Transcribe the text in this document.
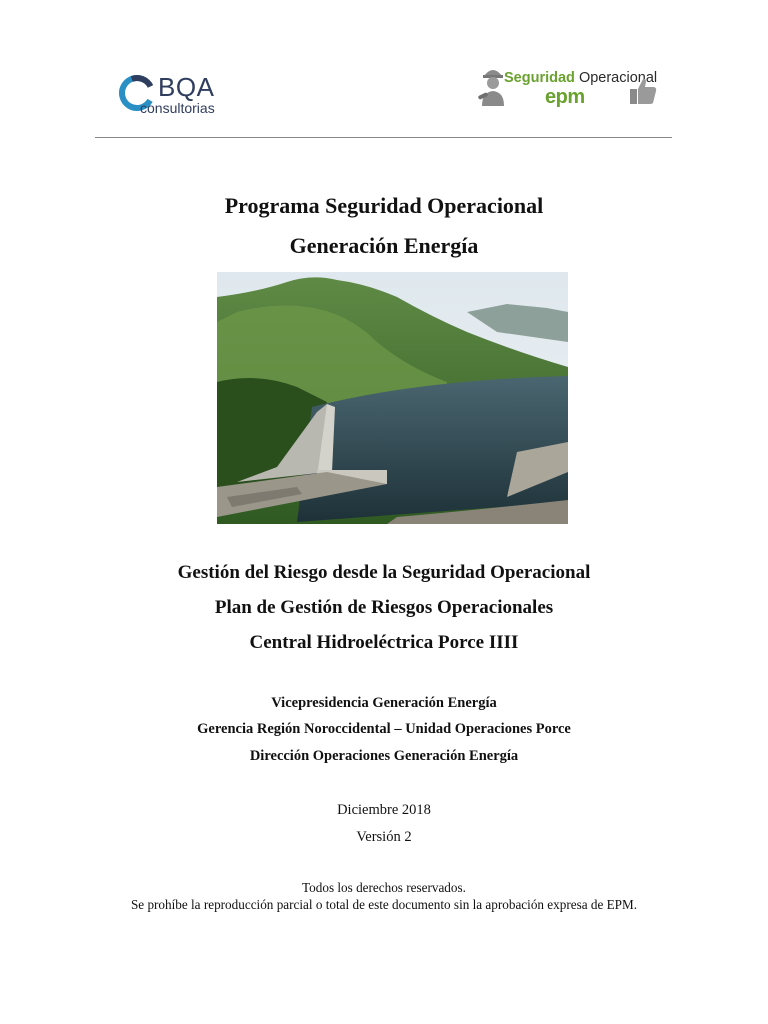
BQA
consultorias
Seguridad Operacional
epm
Programa Seguridad Operacional
Generación Energía
Gestión del Riesgo desde la Seguridad Operacional
Plan de Gestión de Riesgos Operacionales
Central Hidroeléctrica Porce IIII
Vicepresidencia Generación Energía
Gerencia Región Noroccidental – Unidad Operaciones Porce
Dirección Operaciones Generación Energía
Diciembre 2018
Versión 2
Todos los derechos reservados.
Se prohíbe la reproducción parcial o total de este documento sin la aprobación expresa de EPM.
